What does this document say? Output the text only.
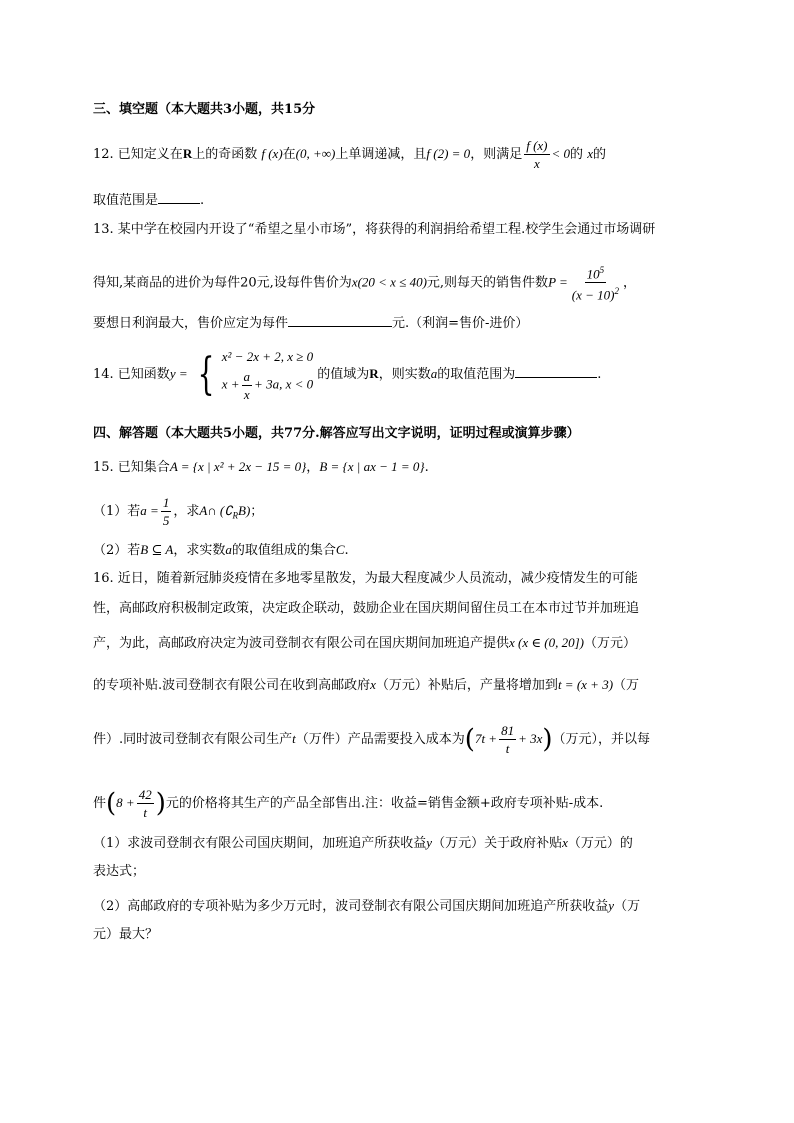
三、填空题（本大题共3小题，共15分
12. 已知定义在R上的奇函数 f (x)在(0, +∞)上单调递减，且f (2) = 0，则满足 $\frac{f (x)}{x} < 0$的 x的
取值范围是	.
13. 某中学在校园内开设了“希望之星小市场”，将获得的利润捐给希望工程.校学生会通过市场调研
得知,某商品的进价为每件20元,设每件售价为x(20 < x ≤ 40)元,则每天的销售件数$P = \frac{10^5}{(x - 10)^2}$ ，
要想日利润最大，售价应定为每件	元.（利润=售价-进价）
14. 已知函数y = { x² − 2x + 2, x ≥ 0
$x + \frac{a}{x} + 3a$, x < 0
的值域为R，则实数a的取值范围为	.
四、解答题（本大题共5小题，共77分.解答应写出文字说明，证明过程或演算步骤）
15. 已知集合A = {x | x² + 2x − 15 = 0}，B = {x | ax − 1 = 0}.
（1）若$a = \frac{1}{5}$ ，求A∩ $(∁_RB)$；
（2）若B ⊆ A，求实数a的取值组成的集合C.
16. 近日，随着新冠肺炎疫情在多地零星散发，为最大程度减少人员流动，减少疫情发生的可能
性，高邮政府积极制定政策，决定政企联动，鼓励企业在国庆期间留住员工在本市过节并加班追
产，为此，高邮政府决定为波司登制衣有限公司在国庆期间加班追产提供x (x ∈ (0, 20])（万元）
的专项补贴.波司登制衣有限公司在收到高邮政府x（万元）补贴后，产量将增加到t = (x + 3)（万
件）.同时波司登制衣有限公司生产t（万件）产品需要投入成本为$(7t + \frac{81}{t} + 3x)$（万元），并以每
件($8 + \frac{42}{t}$ )元的价格将其生产的产品全部售出.注：收益=销售金额+政府专项补贴-成本.
（1）求波司登制衣有限公司国庆期间，加班追产所获收益y（万元）关于政府补贴x（万元）的
表达式；
（2）高邮政府的专项补贴为多少万元时，波司登制衣有限公司国庆期间加班追产所获收益y（万
元）最大？
